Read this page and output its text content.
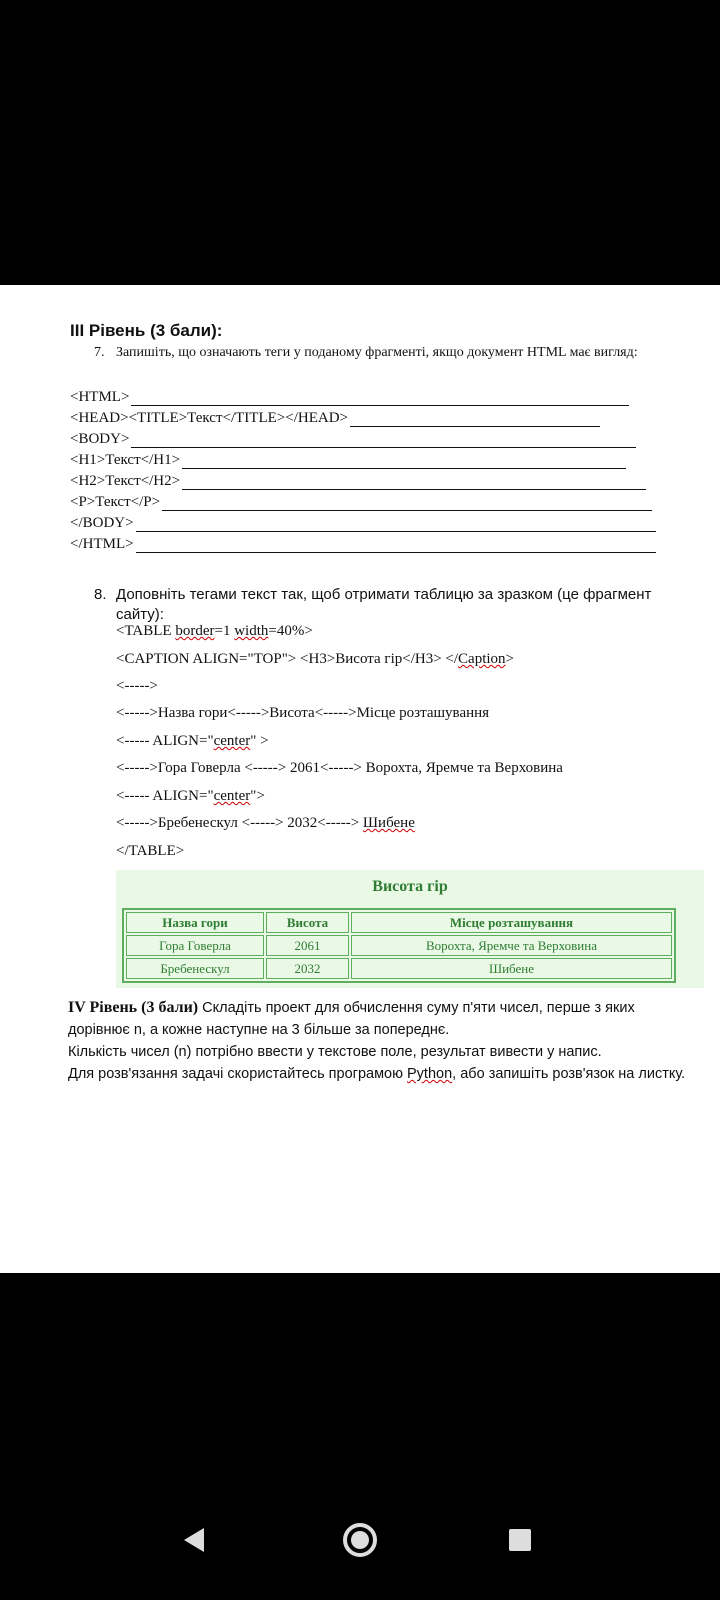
ІІІ Рівень (3 бали):
7. Запишіть, що означають теги у поданому фрагменті, якщо документ HTML має вигляд:
<HTML>
<HEAD><TITLE>Текст</TITLE></HEAD>
<BODY>
<H1>Текст</H1>
<H2>Текст</H2>
<P>Текст</P>
</BODY>
</HTML>
8. Доповніть тегами текст так, щоб отримати таблицю за зразком (це фрагмент сайту):
<TABLE border=1 width=40%>
<CAPTION ALIGN="TOP"> <H3>Висота гір</H3> </Caption>
<----->
<----->Назва гори<----->Висота<----->Місце розташування
<----- ALIGN="center" >
<----->Гора Говерла <-----> 2061<-----> Ворохта, Яремче та Верховина
<----- ALIGN="center">
<----->Бребенескул <-----> 2032<-----> Шибене
</TABLE>
Висота гір
Назва гори	Висота	Місце розташування
Гора Говерла	2061	Ворохта, Яремче та Верховина
Бребенескул	2032	Шибене
IV Рівень (3 бали) Складіть проект для обчислення суму п'яти чисел, перше з яких дорівнює n, а кожне наступне на 3 більше за попереднє.
Кількість чисел (n) потрібно ввести у текстове поле, результат вивести у напис.
Для розв'язання задачі скористайтесь програмою Python, або запишіть розв'язок на листку.
